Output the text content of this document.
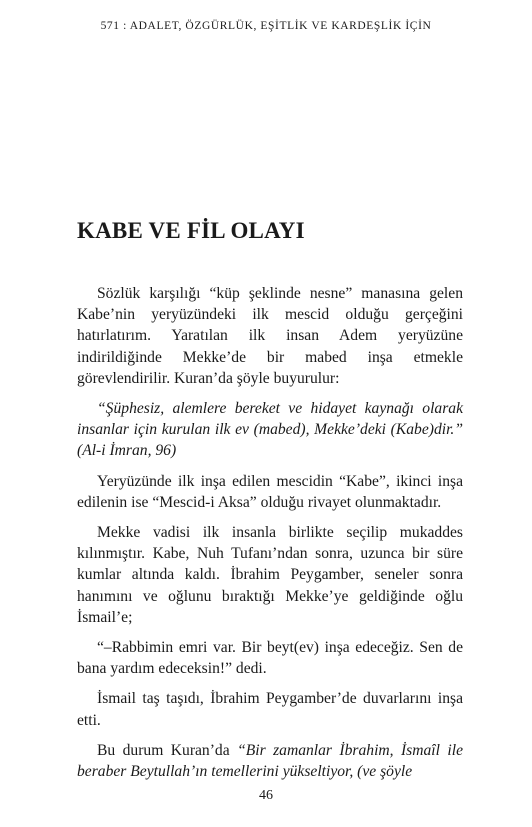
571 : ADALET, ÖZGÜRLÜK, EŞİTLİK VE KARDEŞLİK İÇİN
KABE VE FİL OLAYI

Sözlük karşılığı “küp şeklinde nesne” manasına gelen Kabe’nin yeryüzündeki ilk mescid olduğu gerçeğini hatırlatırım. Yaratılan ilk insan Adem yeryüzüne indirildiğinde Mekke’de bir mabed inşa etmekle görevlendirilir. Kuran’da şöyle buyurulur:

“Şüphesiz, alemlere bereket ve hidayet kaynağı olarak insanlar için kurulan ilk ev (mabed), Mekke’deki (Kabe)dir.” (Al-i İmran, 96)

Yeryüzünde ilk inşa edilen mescidin “Kabe”, ikinci inşa edilenin ise “Mescid-i Aksa” olduğu rivayet olunmaktadır.

Mekke vadisi ilk insanla birlikte seçilip mukaddes kılınmıştır. Kabe, Nuh Tufanı’ndan sonra, uzunca bir süre kumlar altında kaldı. İbrahim Peygamber, seneler sonra hanımını ve oğlunu bıraktığı Mekke’ye geldiğinde oğlu İsmail’e;

“–Rabbimin emri var. Bir beyt(ev) inşa edeceğiz. Sen de bana yardım edeceksin!” dedi.

İsmail taş taşıdı, İbrahim Peygamber’de duvarlarını inşa etti.

Bu durum Kuran’da “Bir zamanlar İbrahim, İsmaîl ile beraber Beytullah’ın temellerini yükseltiyor, (ve şöyle

46
